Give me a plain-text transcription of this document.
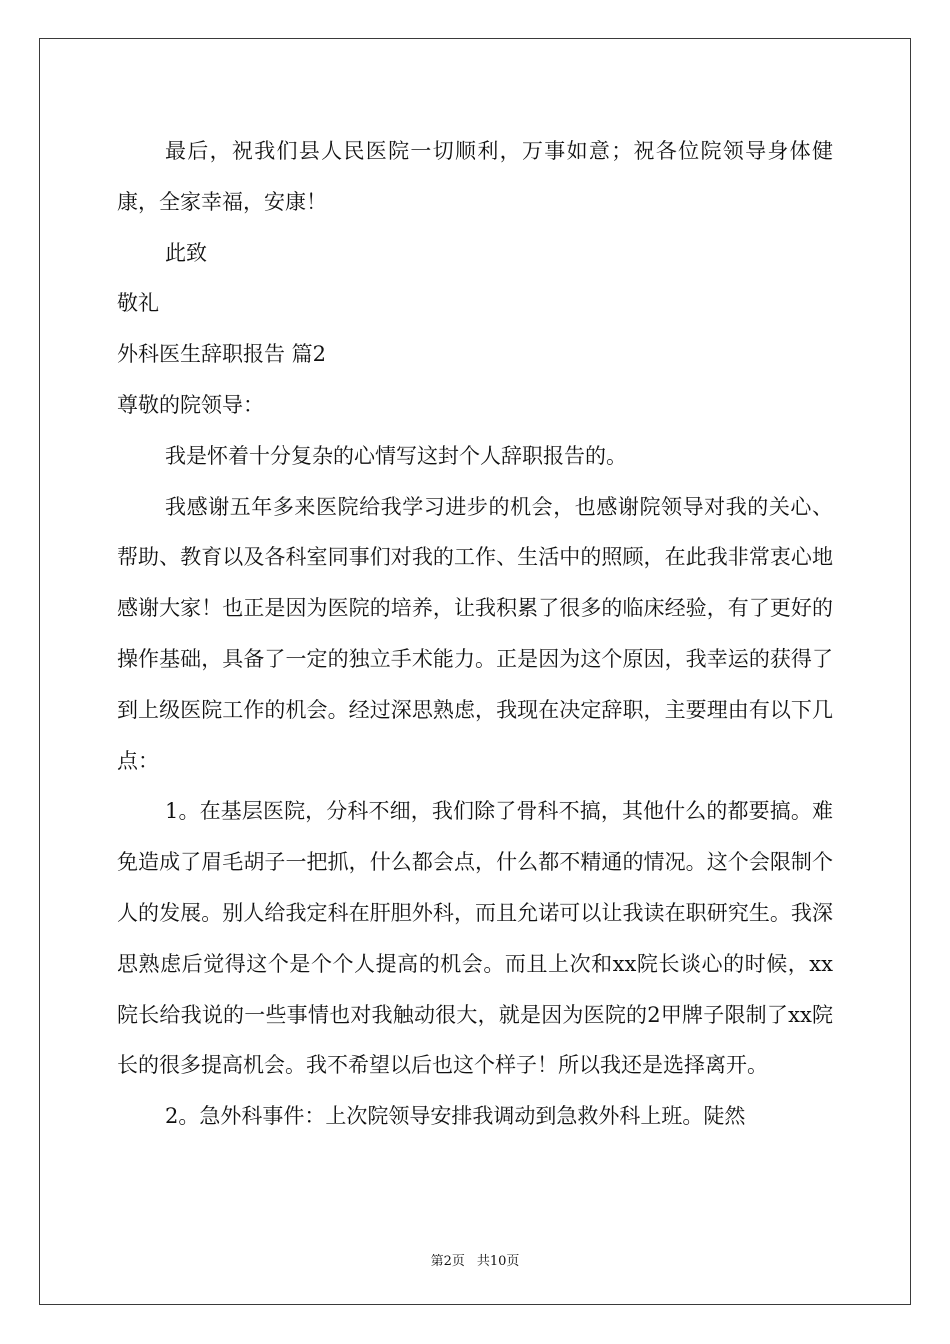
最后，祝我们县人民医院一切顺利，万事如意；祝各位院领导身体健康，全家幸福，安康！

此致

敬礼

外科医生辞职报告 篇2

尊敬的院领导：

我是怀着十分复杂的心情写这封个人辞职报告的。

我感谢五年多来医院给我学习进步的机会，也感谢院领导对我的关心、帮助、教育以及各科室同事们对我的工作、生活中的照顾，在此我非常衷心地感谢大家！也正是因为医院的培养，让我积累了很多的临床经验，有了更好的操作基础，具备了一定的独立手术能力。正是因为这个原因，我幸运的获得了到上级医院工作的机会。经过深思熟虑，我现在决定辞职，主要理由有以下几点：

1。在基层医院，分科不细，我们除了骨科不搞，其他什么的都要搞。难免造成了眉毛胡子一把抓，什么都会点，什么都不精通的情况。这个会限制个人的发展。别人给我定科在肝胆外科，而且允诺可以让我读在职研究生。我深思熟虑后觉得这个是个个人提高的机会。而且上次和xx院长谈心的时候，xx院长给我说的一些事情也对我触动很大，就是因为医院的2甲牌子限制了xx院长的很多提高机会。我不希望以后也这个样子！所以我还是选择离开。

2。急外科事件：上次院领导安排我调动到急救外科上班。陡然

第2页 共10页
